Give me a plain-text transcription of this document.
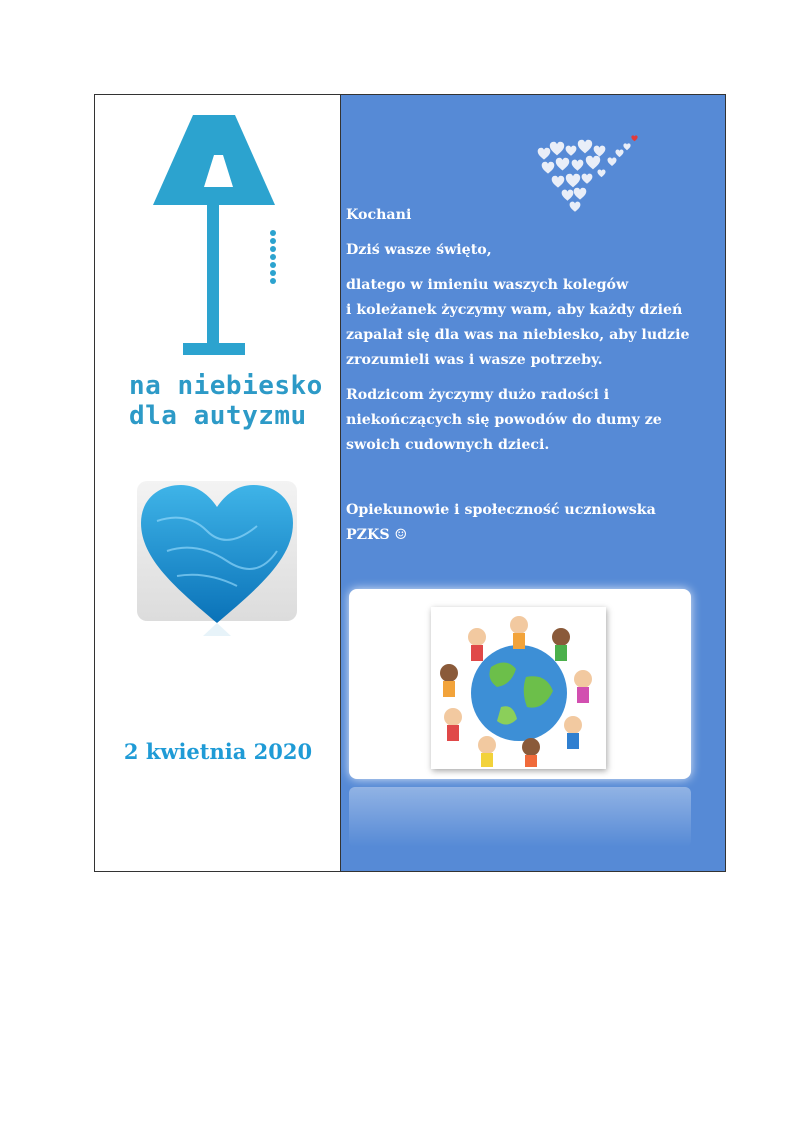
na niebiesko
dla autyzmu
2 kwietnia 2020

Kochani

Dziś wasze święto,

dlatego w imieniu waszych kolegów
i koleżanek życzymy wam, aby każdy dzień
zapalał się dla was na niebiesko, aby ludzie
zrozumieli was i wasze potrzeby.

Rodzicom życzymy dużo radości i
niekończących się powodów do dumy ze
swoich cudownych dzieci.

Opiekunowie i społeczność uczniowska
PZKS ☺
